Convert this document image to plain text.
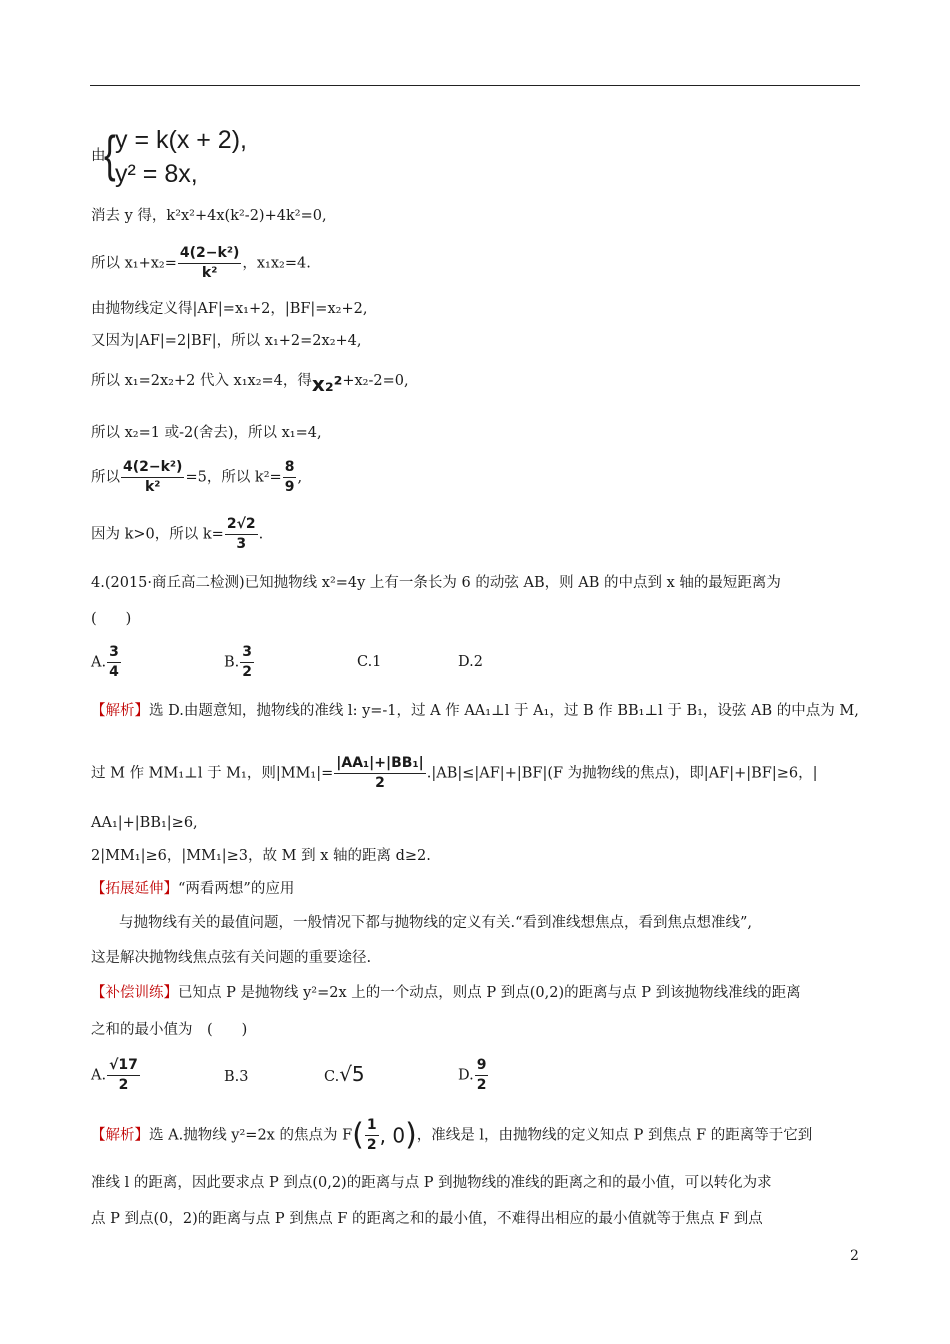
由
{ y = k(x + 2),
y² = 8x,
消去 y 得，k²x²+4x(k²-2)+4k²=0,
所以 $x_1+x_2= \frac{\text{4(2−k²)}}{\text{k²}}$ ，x₁x₂=4.
由抛物线定义得|AF|=x₁+2，|BF|=x₂+2,
又因为|AF|=2|BF|，所以 x₁+2=2x₂+4,
所以 x₁=2x₂+2 代入 x₁x₂=4，得x₂²+x₂-2=0,
所以 x₂=1 或-2(舍去)，所以 x₁=4,
所以 $\frac{\text{4(2−k²)}}{\text{k²}} =5$，所以 $k^2= \frac{8}{9}$ ,
因为 k>0，所以 $k= \frac{2√2}{3}$ .
4.(2015·商丘高二检测)已知抛物线 x²=4y 上有一条长为 6 的动弦 AB，则 AB 的中点到 x 轴的最短距离为
(　　)
A. $\frac{3}{4}$	B. $\frac{3}{2}$	C.1	D.2
【解析】选 D.由题意知，抛物线的准线 l: y=-1，过 A 作 AA₁⊥l 于 A₁，过 B 作 BB₁⊥l 于 B₁，设弦 AB 的中点为 M,
过 M 作 MM₁⊥l 于 M₁，则$|MM_1|= \frac{\text{|AA₁|+|BB₁|}}{2} .|AB|\le|AF|+|BF|(F$ 为抛物线的焦点)，即|AF|+|BF|≥6，|
AA₁|+|BB₁|≥6,
2|MM₁|≥6，|MM₁|≥3，故 M 到 x 轴的距离 d≥2.
【拓展延伸】“两看两想”的应用
与抛物线有关的最值问题，一般情况下都与抛物线的定义有关.“看到准线想焦点，看到焦点想准线”,
这是解决抛物线焦点弦有关问题的重要途径.
【补偿训练】已知点 P 是抛物线 y²=2x 上的一个动点，则点 P 到点(0,2)的距离与点 P 到该抛物线准线的距离
之和的最小值为　(　　)
A. $\frac{√17}{2}$	B.3	C.√5	D. $\frac{9}{2}$
【解析】选 A.抛物线 y²=2x 的焦点为 $F( \frac{1}{2}$ , 0)，准线是 l，由抛物线的定义知点 P 到焦点 F 的距离等于它到
准线 l 的距离，因此要求点 P 到点(0,2)的距离与点 P 到抛物线的准线的距离之和的最小值，可以转化为求
点 P 到点(0，2)的距离与点 P 到焦点 F 的距离之和的最小值，不难得出相应的最小值就等于焦点 F 到点
2
